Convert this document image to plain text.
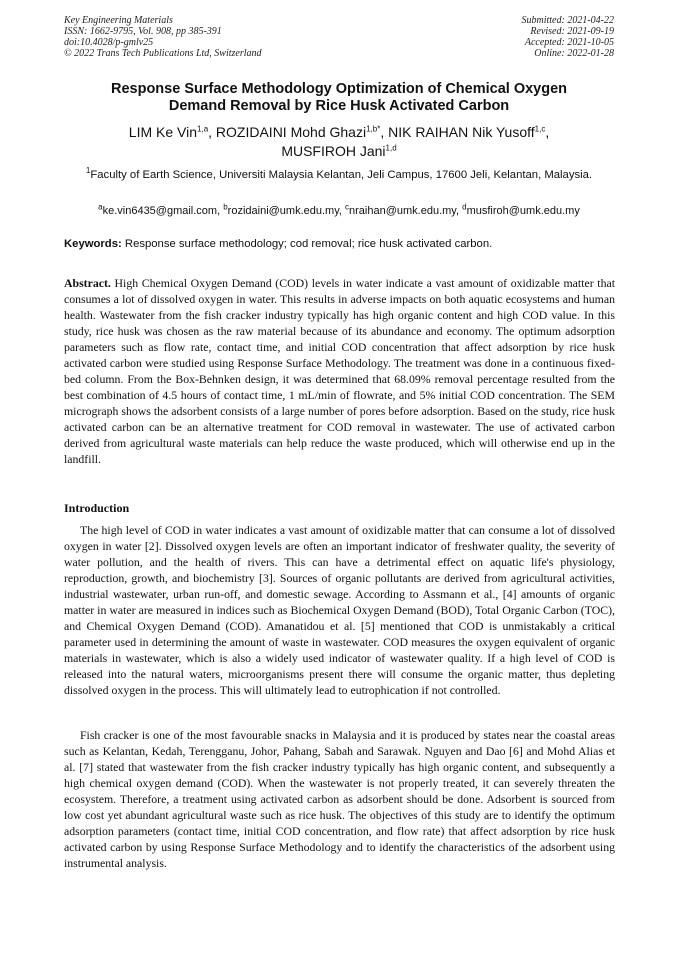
Key Engineering Materials
ISSN: 1662-9795, Vol. 908, pp 385-391
doi:10.4028/p-gmlv25
© 2022 Trans Tech Publications Ltd, Switzerland
Submitted: 2021-04-22
Revised: 2021-09-19
Accepted: 2021-10-05
Online: 2022-01-28
Response Surface Methodology Optimization of Chemical Oxygen
Demand Removal by Rice Husk Activated Carbon
LIM Ke Vin$^{1,a}$, ROZIDAINI Mohd Ghazi$^{1,b*}$, NIK RAIHAN Nik Yusoff$^{1,c}$,
MUSFIROH Jani$^{1,d}$
$^1$Faculty of Earth Science, Universiti Malaysia Kelantan, Jeli Campus, 17600 Jeli, Kelantan, Malaysia.
$^a$ke.vin6435@gmail.com, $^b$rozidaini@umk.edu.my, $^c$nraihan@umk.edu.my, $^d$musfiroh@umk.edu.my
Keywords: Response surface methodology; cod removal; rice husk activated carbon.
Abstract. High Chemical Oxygen Demand (COD) levels in water indicate a vast amount of oxidizable matter that consumes a lot of dissolved oxygen in water. This results in adverse impacts on both aquatic ecosystems and human health. Wastewater from the fish cracker industry typically has high organic content and high COD value. In this study, rice husk was chosen as the raw material because of its abundance and economy. The optimum adsorption parameters such as flow rate, contact time, and initial COD concentration that affect adsorption by rice husk activated carbon were studied using Response Surface Methodology. The treatment was done in a continuous fixed-bed column. From the Box-Behnken design, it was determined that 68.09% removal percentage resulted from the best combination of 4.5 hours of contact time, 1 mL/min of flowrate, and 5% initial COD concentration. The SEM micrograph shows the adsorbent consists of a large number of pores before adsorption. Based on the study, rice husk activated carbon can be an alternative treatment for COD removal in wastewater. The use of activated carbon derived from agricultural waste materials can help reduce the waste produced, which will otherwise end up in the landfill.
Introduction
The high level of COD in water indicates a vast amount of oxidizable matter that can consume a lot of dissolved oxygen in water [2]. Dissolved oxygen levels are often an important indicator of freshwater quality, the severity of water pollution, and the health of rivers. This can have a detrimental effect on aquatic life's physiology, reproduction, growth, and biochemistry [3]. Sources of organic pollutants are derived from agricultural activities, industrial wastewater, urban run-off, and domestic sewage. According to Assmann et al., [4] amounts of organic matter in water are measured in indices such as Biochemical Oxygen Demand (BOD), Total Organic Carbon (TOC), and Chemical Oxygen Demand (COD). Amanatidou et al. [5] mentioned that COD is unmistakably a critical parameter used in determining the amount of waste in wastewater. COD measures the oxygen equivalent of organic materials in wastewater, which is also a widely used indicator of wastewater quality. If a high level of COD is released into the natural waters, microorganisms present there will consume the organic matter, thus depleting dissolved oxygen in the process. This will ultimately lead to eutrophication if not controlled.
Fish cracker is one of the most favourable snacks in Malaysia and it is produced by states near the coastal areas such as Kelantan, Kedah, Terengganu, Johor, Pahang, Sabah and Sarawak. Nguyen and Dao [6] and Mohd Alias et al. [7] stated that wastewater from the fish cracker industry typically has high organic content, and subsequently a high chemical oxygen demand (COD). When the wastewater is not properly treated, it can severely threaten the ecosystem. Therefore, a treatment using activated carbon as adsorbent should be done. Adsorbent is sourced from low cost yet abundant agricultural waste such as rice husk. The objectives of this study are to identify the optimum adsorption parameters (contact time, initial COD concentration, and flow rate) that affect adsorption by rice husk activated carbon by using Response Surface Methodology and to identify the characteristics of the adsorbent using instrumental analysis.
